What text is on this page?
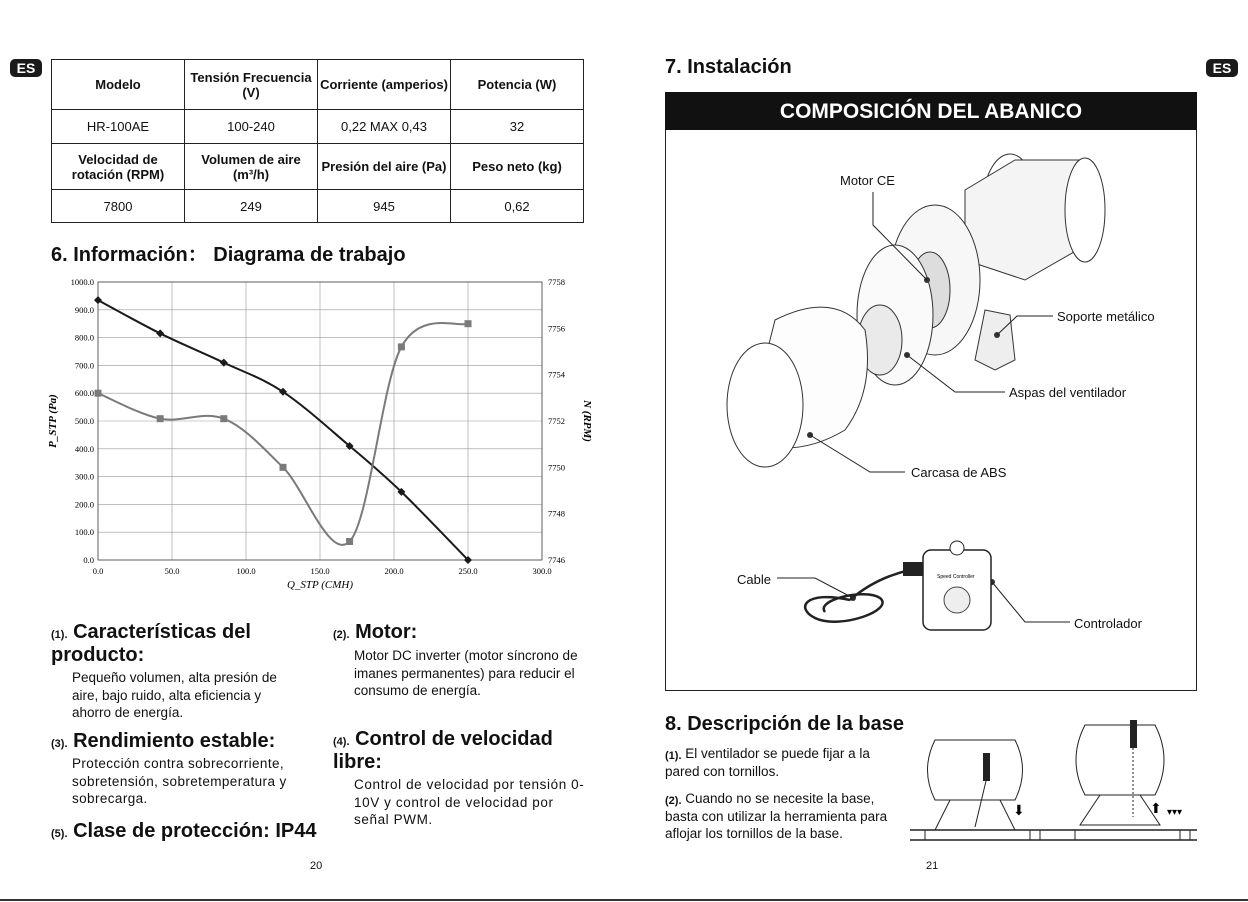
ES
Modelo	Tensión Frecuencia (V)	Corriente (amperios)	Potencia (W)
HR-100AE	100-240	0,22 MAX 0,43	32
Velocidad de rotación (RPM)	Volumen de aire (m³/h)	Presión del aire (Pa)	Peso neto (kg)
7800	249	945	0,62
6. Información： Diagrama de trabajo
0.0	50.0	100.0	150.0	200.0	250.0	300.0
0.0
100.0
200.0
300.0
400.0
500.0
600.0
700.0
800.0
900.0
1000.0
7746
7748
7750
7752
7754
7756
7758
Q_STP (CMH)
P_STP (Pa)	N (RPM)
$^{(1).}$ Características del producto:
Pequeño volumen, alta presión de aire, bajo ruido, alta eficiencia y ahorro de energía.
$^{(2).}$ Motor:
Motor DC inverter (motor síncrono de imanes permanentes) para reducir el consumo de energía.
$^{(3).}$ Rendimiento estable:
Protección contra sobrecorriente, sobretensión, sobretemperatura y sobrecarga.
$^{(4).}$ Control de velocidad libre:
Control de velocidad por tensión 0-10V y control de velocidad por señal PWM.
$^{(5).}$ Clase de protección: IP44
20
ES
7. Instalación
COMPOSICIÓN DEL ABANICO
Speed Controller
Motor CE
Soporte metálico
Aspas del ventilador
Carcasa de ABS
Cable
Controlador
8. Descripción de la base
$^{(1).}$ El ventilador se puede fijar a la pared con tornillos.
$^{(2).}$ Cuando no se necesite la base, basta con utilizar la herramienta para aflojar los tornillos de la base.
⬇	⬆ ▾▾▾
21
